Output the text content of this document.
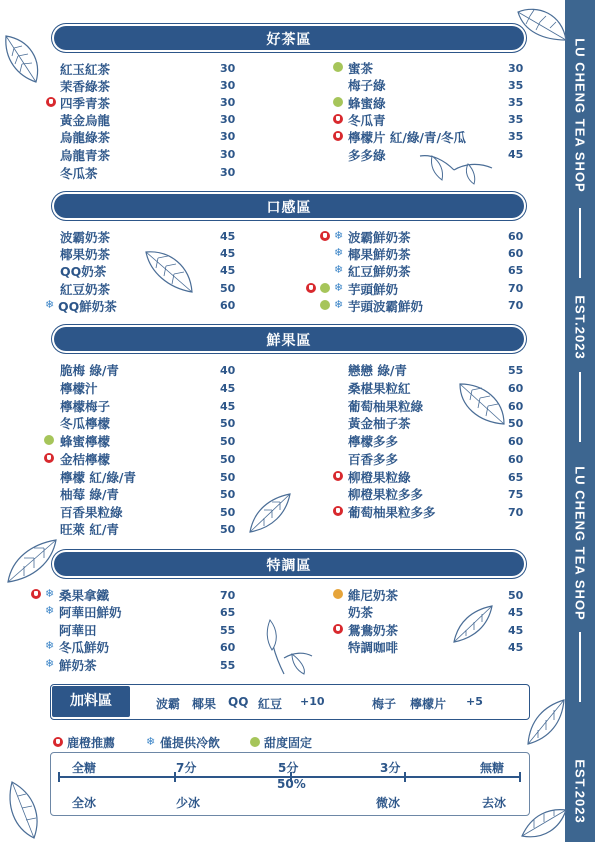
LU CHENG TEA SHOP
EST.2023
LU CHENG TEA SHOP
EST.2023
好茶區
口感區
鮮果區
特調區
紅玉紅茶	30
茉香綠茶	30
四季青茶	30
黃金烏龍	30
烏龍綠茶	30
烏龍青茶	30
冬瓜茶	30
蜜茶	30
梅子綠	35
蜂蜜綠	35
冬瓜青	35
檸檬片 紅/綠/青/冬瓜	35
多多綠	45
波霸奶茶	45
椰果奶茶	45
QQ奶茶	45
紅豆奶茶	50
❄ QQ鮮奶茶	60
❄ 波霸鮮奶茶	60
❄ 椰果鮮奶茶	60
❄ 紅豆鮮奶茶	65
❄ 芋頭鮮奶	70
❄ 芋頭波霸鮮奶	70
脆梅 綠/青	40
檸檬汁	45
檸檬梅子	45
冬瓜檸檬	50
蜂蜜檸檬	50
金桔檸檬	50
檸檬 紅/綠/青	50
柚莓 綠/青	50
百香果粒綠	50
旺萊 紅/青	50
戀戀 綠/青	55
桑椹果粒紅	60
葡萄柚果粒綠	60
黃金柚子茶	50
檸檬多多	60
百香多多	60
柳橙果粒綠	65
柳橙果粒多多	75
葡萄柚果粒多多	70
❄ 桑果拿鐵	70
❄ 阿華田鮮奶	65
阿華田	55
❄ 冬瓜鮮奶	60
❄ 鮮奶茶	55
維尼奶茶	50
奶茶	45
鴛鴦奶茶	45
特調咖啡	45
加料區	波霸 椰果 QQ 紅豆 +10	梅子 檸檬片 +5
鹿橙推薦	❄ 僅提供冷飲	甜度固定
全糖	7分	5分	3分	無糖
50%
全冰	少冰	微冰	去冰
